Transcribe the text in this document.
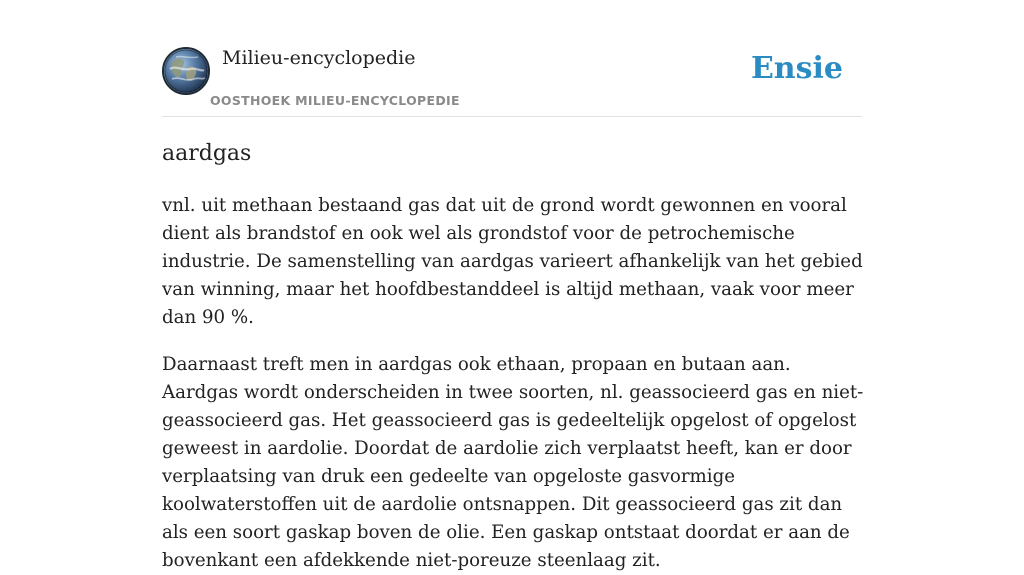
Milieu-encyclopedie
OOSTHOEK MILIEU-ENCYCLOPEDIE
Ensie
aardgas

vnl. uit methaan bestaand gas dat uit de grond wordt gewonnen en vooral dient als brandstof en ook wel als grondstof voor de petrochemische industrie. De samenstelling van aardgas varieert afhankelijk van het gebied van winning, maar het hoofdbestanddeel is altijd methaan, vaak voor meer dan 90 %.

Daarnaast treft men in aardgas ook ethaan, propaan en butaan aan. Aardgas wordt onderscheiden in twee soorten, nl. geassocieerd gas en niet-geassocieerd gas. Het geassocieerd gas is gedeeltelijk opgelost of opgelost geweest in aardolie. Doordat de aardolie zich verplaatst heeft, kan er door verplaatsing van druk een gedeelte van opgeloste gasvormige koolwaterstoffen uit de aardolie ontsnappen. Dit geassocieerd gas zit dan als een soort gaskap boven de olie. Een gaskap ontstaat doordat er aan de bovenkant een afdekkende niet-poreuze steenlaag zit.
